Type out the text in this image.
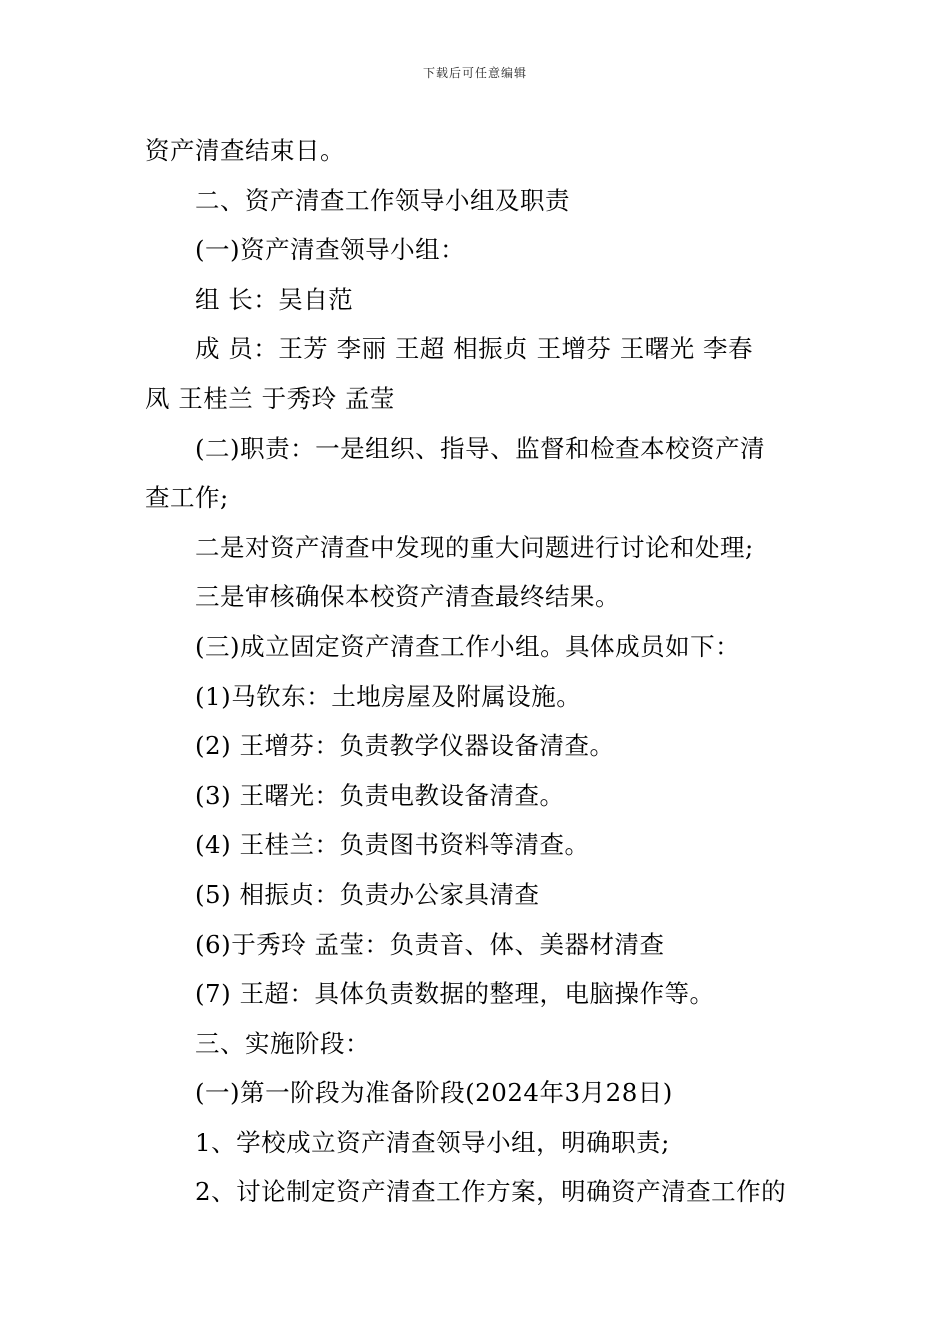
下载后可任意编辑

资产清查结束日。

二、资产清查工作领导小组及职责

(一)资产清查领导小组：

组 长：吴自范

成 员：王芳 李丽 王超 相振贞 王增芬 王曙光 李春

凤 王桂兰 于秀玲 孟莹

(二)职责：一是组织、指导、监督和检查本校资产清

查工作;

二是对资产清查中发现的重大问题进行讨论和处理;

三是审核确保本校资产清查最终结果。

(三)成立固定资产清查工作小组。具体成员如下：

(1)马钦东：土地房屋及附属设施。

(2) 王增芬：负责教学仪器设备清查。

(3) 王曙光：负责电教设备清查。

(4) 王桂兰：负责图书资料等清查。

(5) 相振贞：负责办公家具清查

(6)于秀玲 孟莹：负责音、体、美器材清查

(7) 王超：具体负责数据的整理，电脑操作等。

三、实施阶段：

(一)第一阶段为准备阶段(2024年3月28日)

1、学校成立资产清查领导小组，明确职责;

2、讨论制定资产清查工作方案，明确资产清查工作的
